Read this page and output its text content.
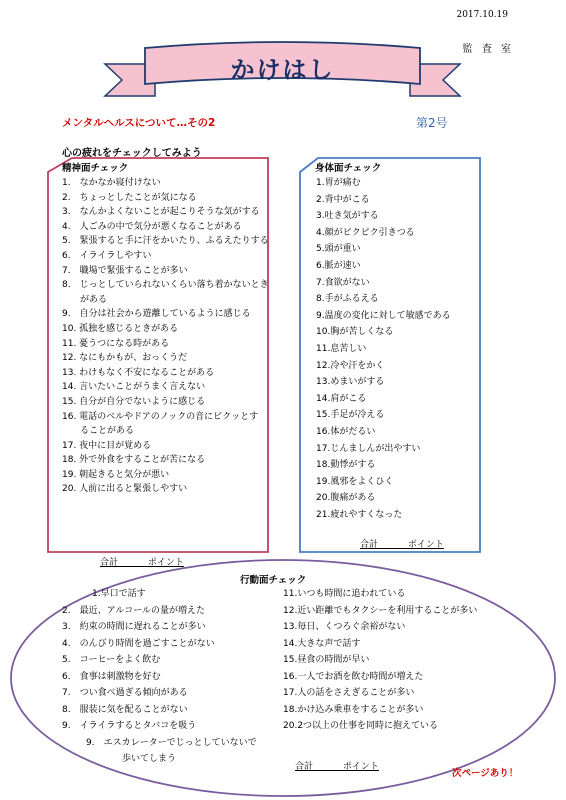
2017.10.19
監 査 室
かけはし
メンタルヘルスについて…その2	第2号
心の疲れをチェックしてみよう
精神面チェック
1.　なかなか寝付けない
2.　ちょっとしたことが気になる
3.　なんかよくないことが起こりそうな気がする
4.　人ごみの中で気分が悪くなることがある
5.　緊張すると手に汗をかいたり、ふるえたりする
6.　イライラしやすい
7.　職場で緊張することが多い
8.　じっとしていられないくらい落ち着かないとき
　　がある
9.　自分は社会から遊離しているように感じる
10. 孤独を感じるときがある
11. 憂うつになる時がある
12. なにもかもが、おっくうだ
13. わけもなく不安になることがある
14. 言いたいことがうまく言えない
15. 自分が自分でないように感じる
16. 電話のベルやドアのノックの音にビクッとす
　　ることがある
17. 夜中に目が覚める
18. 外で外食をすることが苦になる
19. 朝起きると気分が悪い
20. 人前に出ると緊張しやすい
合計　　　 ポイント
身体面チェック
1.胃が痛む
2.背中がこる
3.吐き気がする
4.顔がピクピク引きつる
5.頭が重い
6.脈が速い
7.食欲がない
8.手がふるえる
9.温度の変化に対して敏感である
10.胸が苦しくなる
11.息苦しい
12.冷や汗をかく
13.めまいがする
14.肩がこる
15.手足が冷える
16.体がだるい
17.じんましんが出やすい
18.動悸がする
19.風邪をよくひく
20.腹痛がある
21.疲れやすくなった
合計　　　 ポイント
行動面チェック
1.早口で話す
2.　最近、アルコールの量が増えた
3.　約束の時間に遅れることが多い
4.　のんびり時間を過ごすことがない
5.　コーヒーをよく飲む
6.　食事は刺激物を好む
7.　つい食べ過ぎる傾向がある
8.　服装に気を配ることがない
9.　イライラするとタバコを吸う
9.　エスカレーターでじっとしていないで
歩いてしまう
11.いつも時間に追われている
12.近い距離でもタクシーを利用することが多い
13.毎日、くつろぐ余裕がない
14.大きな声で話す
15.昼食の時間が早い
16.一人でお酒を飲む時間が増えた
17.人の話をさえぎることが多い
18.かけ込み乗車をすることが多い
20.2つ以上の仕事を同時に抱えている
合計　　　 ポイント
次ページあり！
